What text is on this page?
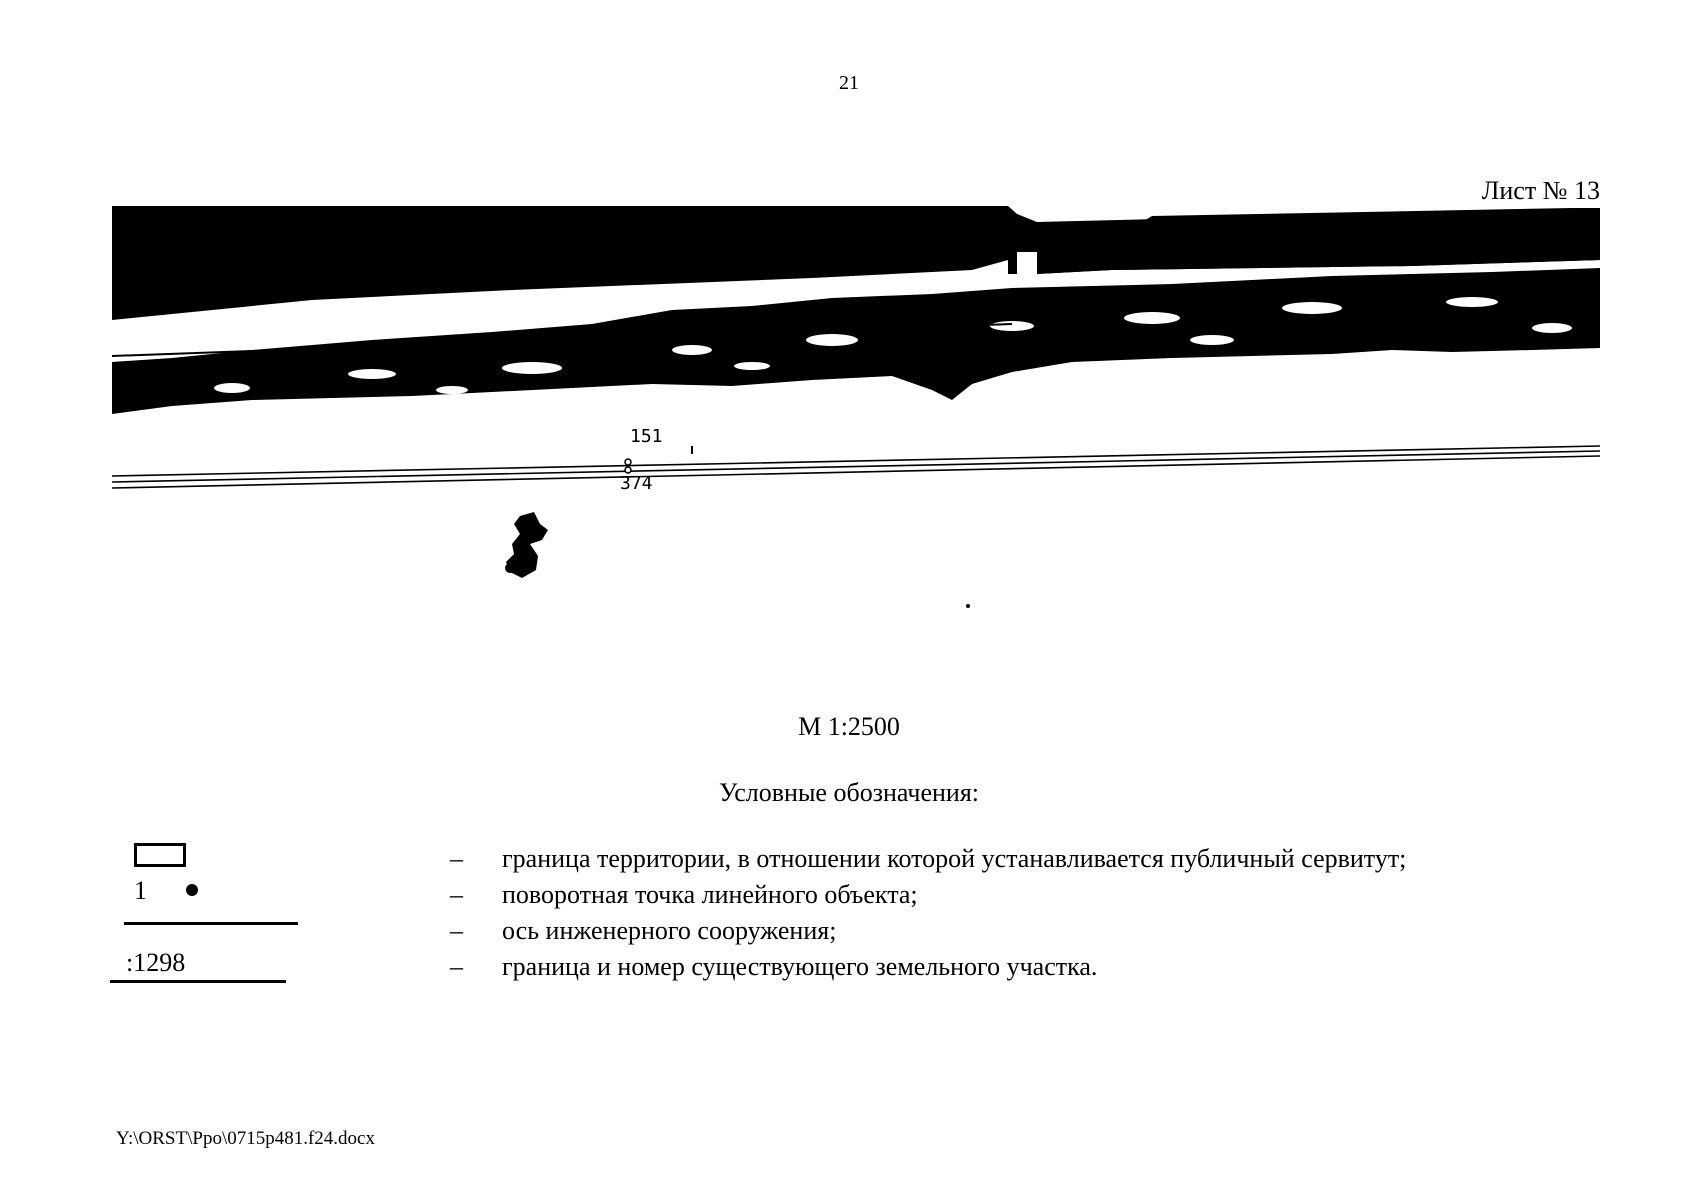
21
Лист № 13
151
374
М 1:2500
Условные обозначения:
1
:1298
– граница территории, в отношении которой устанавливается публичный сервитут;
– поворотная точка линейного объекта;
– ось инженерного сооружения;
– граница и номер существующего земельного участка.
Y:\ORST\Ppo\0715p481.f24.docx
